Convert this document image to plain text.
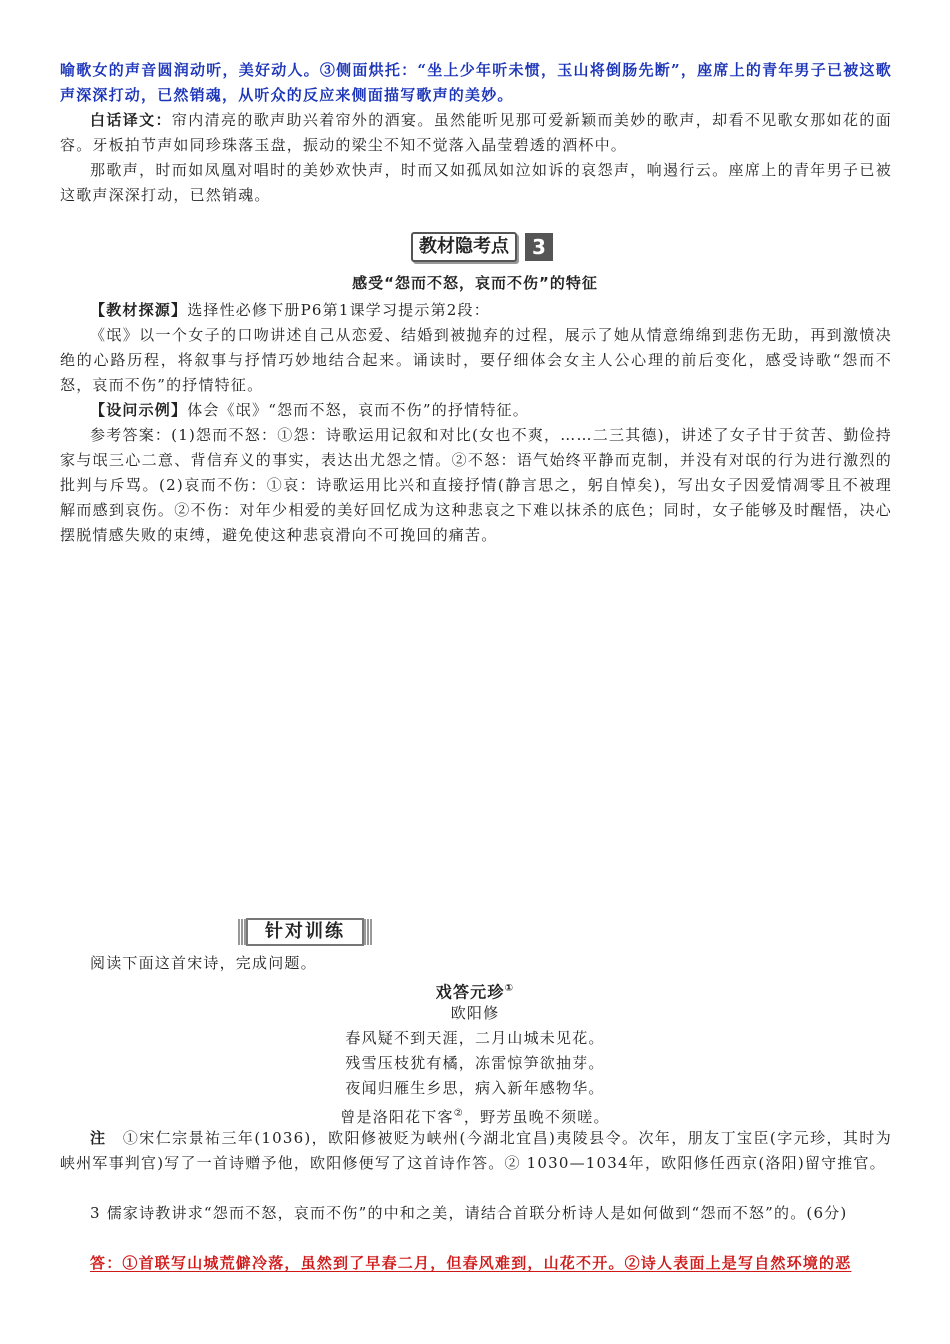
喻歌女的声音圆润动听，美好动人。③侧面烘托：“坐上少年听未惯，玉山将倒肠先断”，座席上的青年男子已被这歌声深深打动，已然销魂，从听众的反应来侧面描写歌声的美妙。

白话译文：帘内清亮的歌声助兴着帘外的酒宴。虽然能听见那可爱新颖而美妙的歌声，却看不见歌女那如花的面容。牙板拍节声如同珍珠落玉盘，振动的梁尘不知不觉落入晶莹碧透的酒杯中。

那歌声，时而如凤凰对唱时的美妙欢快声，时而又如孤凤如泣如诉的哀怨声，响遏行云。座席上的青年男子已被这歌声深深打动，已然销魂。

教材隐考点	3
感受“怨而不怒，哀而不伤”的特征

【教材探源】选择性必修下册P6第1课学习提示第2段：

《氓》以一个女子的口吻讲述自己从恋爱、结婚到被抛弃的过程，展示了她从情意绵绵到悲伤无助，再到激愤决绝的心路历程，将叙事与抒情巧妙地结合起来。诵读时，要仔细体会女主人公心理的前后变化，感受诗歌“怨而不怒，哀而不伤”的抒情特征。

【设问示例】体会《氓》“怨而不怒，哀而不伤”的抒情特征。

参考答案：(1)怨而不怒：①怨：诗歌运用记叙和对比(女也不爽，……二三其德)，讲述了女子甘于贫苦、勤俭持家与氓三心二意、背信弃义的事实，表达出尤怨之情。②不怒：语气始终平静而克制，并没有对氓的行为进行激烈的批判与斥骂。(2)哀而不伤：①哀：诗歌运用比兴和直接抒情(静言思之，躬自悼矣)，写出女子因爱情凋零且不被理解而感到哀伤。②不伤：对年少相爱的美好回忆成为这种悲哀之下难以抹杀的底色；同时，女子能够及时醒悟，决心摆脱情感失败的束缚，避免使这种悲哀滑向不可挽回的痛苦。

针对训练

阅读下面这首宋诗，完成问题。

戏答元珍①
欧阳修
春风疑不到天涯，二月山城未见花。
残雪压枝犹有橘，冻雷惊笋欲抽芽。
夜闻归雁生乡思，病入新年感物华。
曾是洛阳花下客②，野芳虽晚不须嗟。

注　 ①宋仁宗景祐三年(1036)，欧阳修被贬为峡州(今湖北宜昌)夷陵县令。次年，朋友丁宝臣(字元珍，其时为峡州军事判官)写了一首诗赠予他，欧阳修便写了这首诗作答。② 1030—1034年，欧阳修任西京(洛阳)留守推官。

3 儒家诗教讲求“怨而不怒，哀而不伤”的中和之美，请结合首联分析诗人是如何做到“怨而不怒”的。(6分)

答：①首联写山城荒僻冷落，虽然到了早春二月，但春风难到，山花不开。②诗人表面上是写自然环境的恶
